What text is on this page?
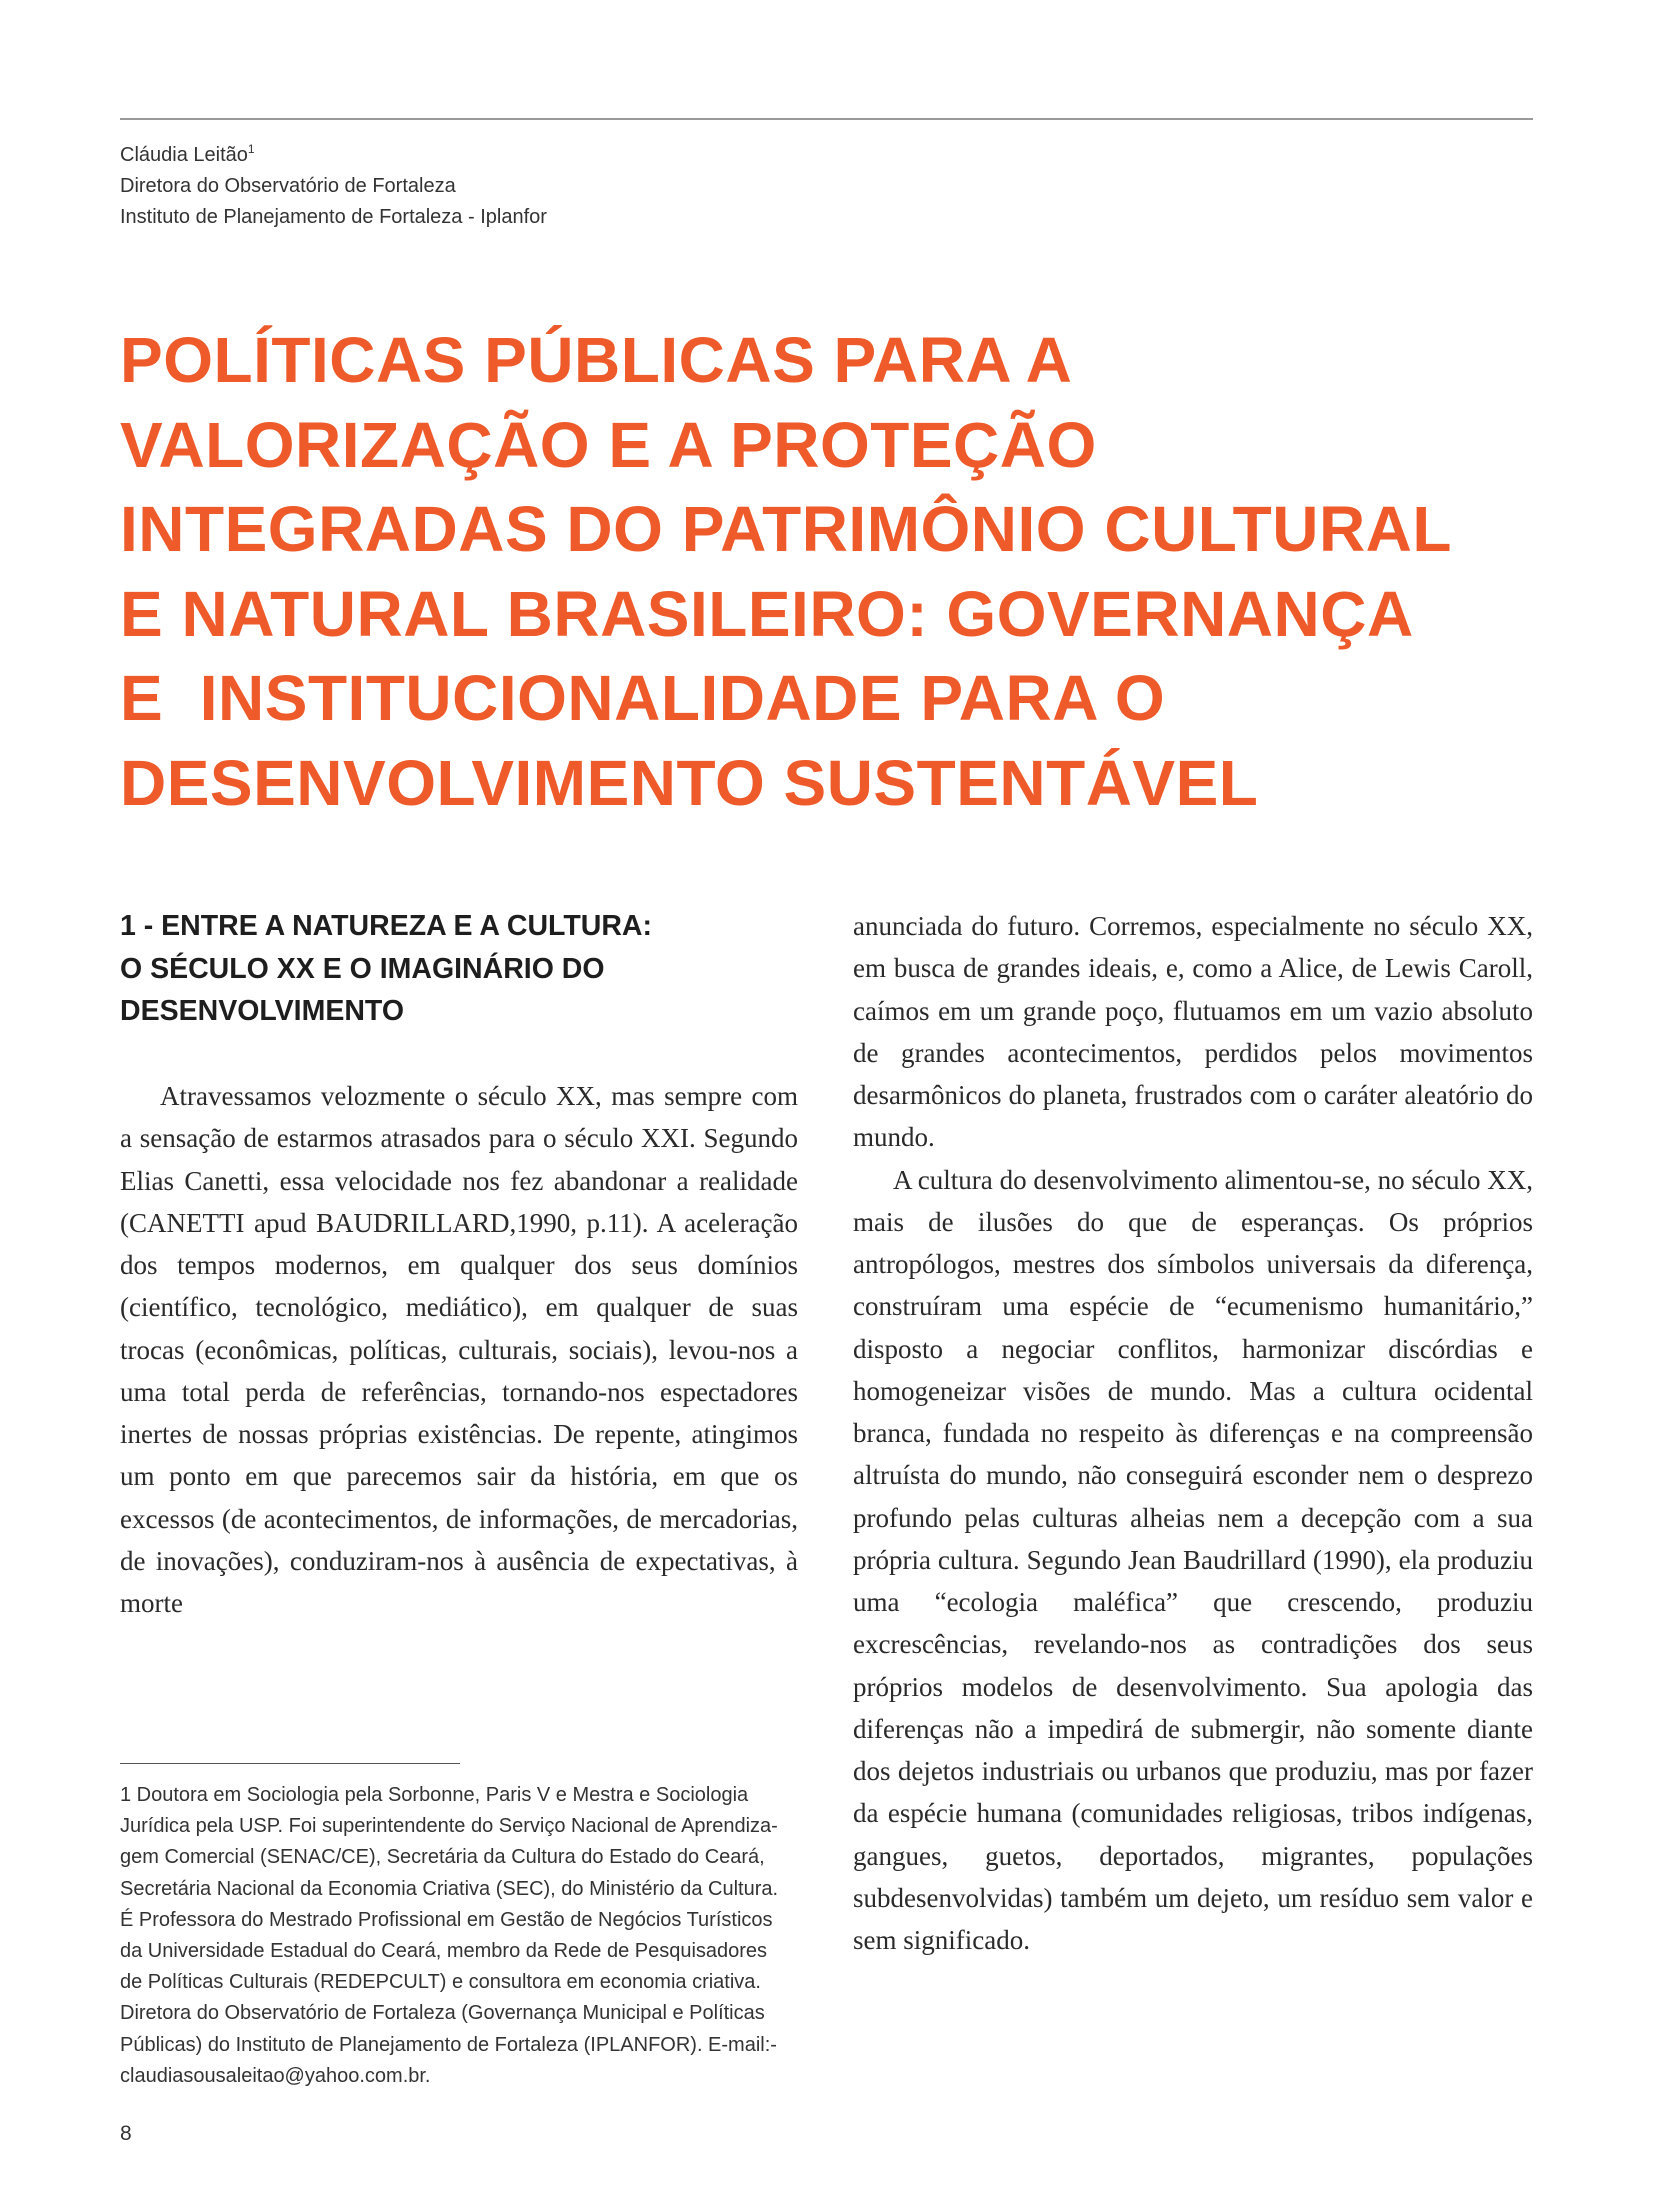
Cláudia Leitão$^1$
Diretora do Observatório de Fortaleza
Instituto de Planejamento de Fortaleza - Iplanfor
POLÍTICAS PÚBLICAS PARA A
VALORIZAÇÃO E A PROTEÇÃO
INTEGRADAS DO PATRIMÔNIO CULTURAL
E NATURAL BRASILEIRO: GOVERNANÇA
E  INSTITUCIONALIDADE PARA O
DESENVOLVIMENTO SUSTENTÁVEL
1 - ENTRE A NATUREZA E A CULTURA:
O SÉCULO XX E O IMAGINÁRIO DO
DESENVOLVIMENTO

Atravessamos velozmente o século XX, mas sempre com a sensação de estarmos atrasados para o século XXI. Segundo Elias Canetti, essa velocidade nos fez abandonar a realidade (CANETTI apud BAUDRILLARD,1990, p.11). A aceleração dos tempos modernos, em qualquer dos seus domínios (científico, tecnológico, mediático), em qualquer de suas trocas (econômicas, políticas, culturais, sociais), levou-nos a uma total perda de referências, tornando-nos espectadores inertes de nossas próprias existências. De repente, atingimos um ponto em que parecemos sair da história, em que os excessos (de acontecimentos, de informações, de mercadorias, de inovações), conduziram-nos à ausência de expectativas, à morte

anunciada do futuro. Corremos, especialmente no século XX, em busca de grandes ideais, e, como a Alice, de Lewis Caroll, caímos em um grande poço, flutuamos em um vazio absoluto de grandes acontecimentos, perdidos pelos movimentos desarmônicos do planeta, frustrados com o caráter aleatório do mundo.

A cultura do desenvolvimento alimentou-se, no século XX, mais de ilusões do que de esperanças. Os próprios antropólogos, mestres dos símbolos universais da diferença, construíram uma espécie de “ecumenismo humanitário,” disposto a negociar conflitos, harmonizar discórdias e homogeneizar visões de mundo. Mas a cultura ocidental branca, fundada no respeito às diferenças e na compreensão altruísta do mundo, não conseguirá esconder nem o desprezo profundo pelas culturas alheias nem a decepção com a sua própria cultura. Segundo Jean Baudrillard (1990), ela produziu uma “ecologia maléfica” que crescendo, produziu excrescências, revelando-nos as contradições dos seus próprios modelos de desenvolvimento. Sua apologia das diferenças não a impedirá de submergir, não somente diante dos dejetos industriais ou urbanos que produziu, mas por fazer da espécie humana (comunidades religiosas, tribos indígenas, gangues, guetos, deportados, migrantes, populações subdesenvolvidas) também um dejeto, um resíduo sem valor e sem significado.

1 Doutora em Sociologia pela Sorbonne, Paris V e Mestra e Sociologia
Jurídica pela USP. Foi superintendente do Serviço Nacional de Aprendiza-
gem Comercial (SENAC/CE), Secretária da Cultura do Estado do Ceará,
Secretária Nacional da Economia Criativa (SEC), do Ministério da Cultura.
É Professora do Mestrado Profissional em Gestão de Negócios Turísticos
da Universidade Estadual do Ceará, membro da Rede de Pesquisadores
de Políticas Culturais (REDEPCULT) e consultora em economia criativa.
Diretora do Observatório de Fortaleza (Governança Municipal e Políticas
Públicas) do Instituto de Planejamento de Fortaleza (IPLANFOR). E-mail:-
claudiasousaleitao@yahoo.com.br.
8
